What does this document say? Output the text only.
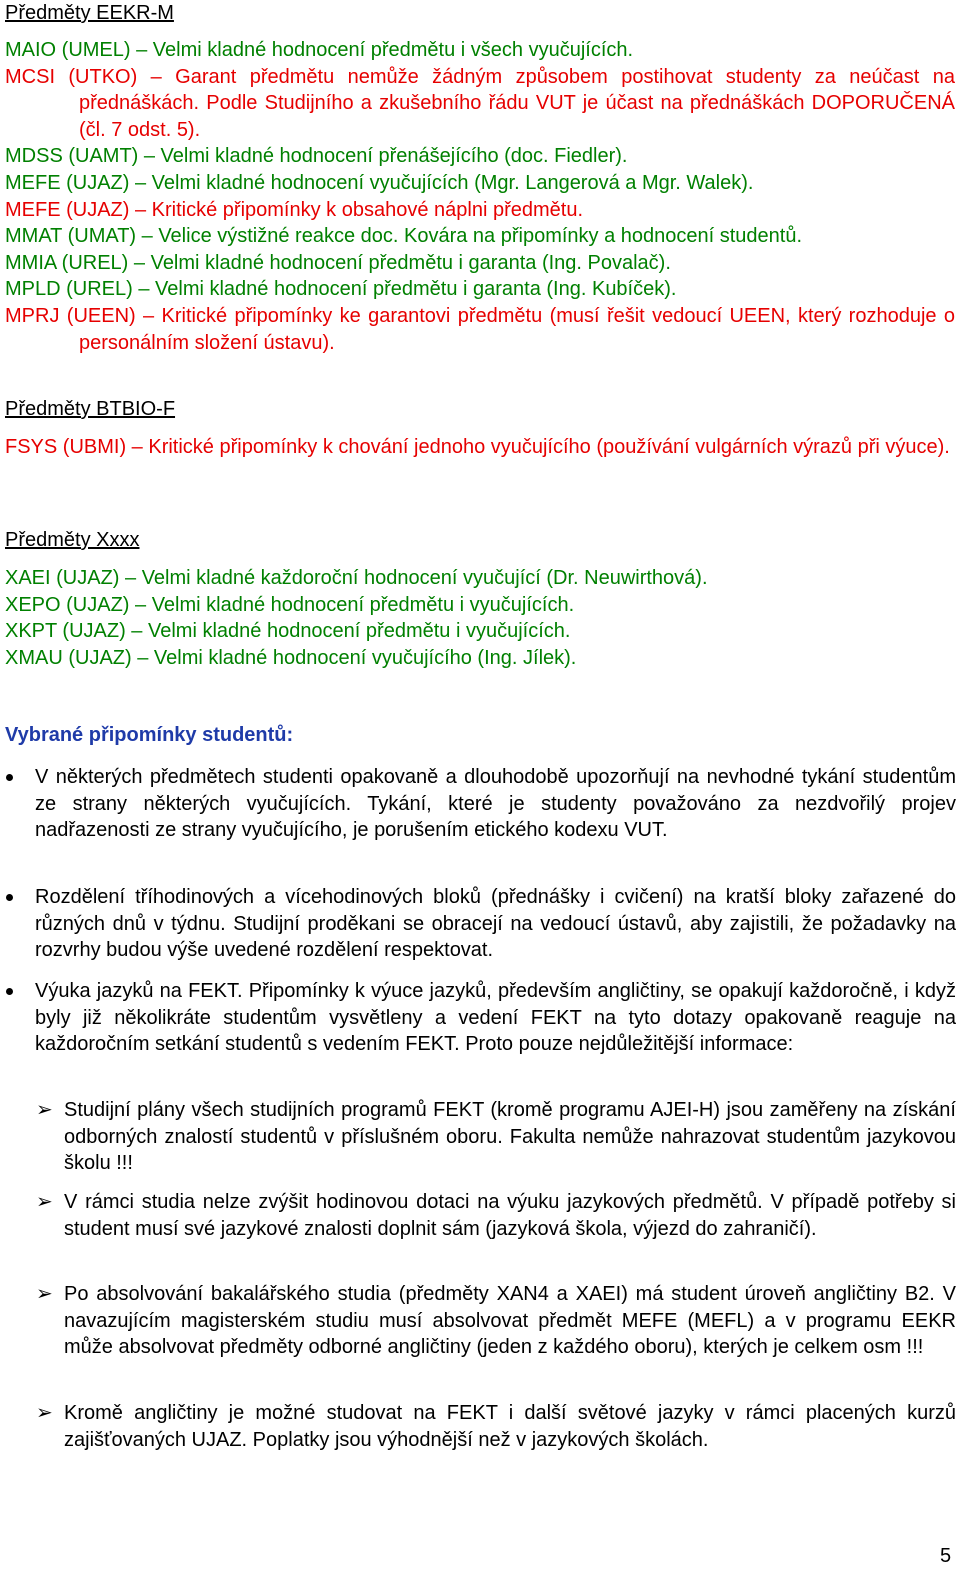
Předměty EEKR-M

MAIO (UMEL) – Velmi kladné hodnocení předmětu i všech vyučujících.

MCSI (UTKO) – Garant předmětu nemůže žádným způsobem postihovat studenty za neúčast na přednáškách. Podle Studijního a zkušebního řádu VUT je účast na přednáškách DOPORUČENÁ (čl. 7 odst. 5).

MDSS (UAMT) – Velmi kladné hodnocení přenášejícího (doc. Fiedler).

MEFE (UJAZ) – Velmi kladné hodnocení vyučujících (Mgr. Langerová a Mgr. Walek).

MEFE (UJAZ) – Kritické připomínky k obsahové náplni předmětu.

MMAT (UMAT) – Velice výstižné reakce doc. Kovára na připomínky a hodnocení studentů.

MMIA (UREL) – Velmi kladné hodnocení předmětu i garanta (Ing. Povalač).

MPLD (UREL) – Velmi kladné hodnocení předmětu i garanta (Ing. Kubíček).

MPRJ (UEEN) – Kritické připomínky ke garantovi předmětu (musí řešit vedoucí UEEN, který rozhoduje o personálním složení ústavu).

Předměty BTBIO-F

FSYS (UBMI) – Kritické připomínky k chování jednoho vyučujícího (používání vulgárních výrazů při výuce).

Předměty Xxxx

XAEI (UJAZ) – Velmi kladné každoroční hodnocení vyučující (Dr. Neuwirthová).

XEPO (UJAZ) – Velmi kladné hodnocení předmětu i vyučujících.

XKPT (UJAZ) – Velmi kladné hodnocení předmětu i vyučujících.

XMAU (UJAZ) – Velmi kladné hodnocení vyučujícího (Ing. Jílek).

Vybrané připomínky studentů:
V některých předmětech studenti opakovaně a dlouhodobě upozorňují na nevhodné tykání studentům ze strany některých vyučujících. Tykání, které je studenty považováno za nezdvořilý projev nadřazenosti ze strany vyučujícího, je porušením etického kodexu VUT.
Rozdělení tříhodinových a vícehodinových bloků (přednášky i cvičení) na kratší bloky zařazené do různých dnů v týdnu. Studijní proděkani se obracejí na vedoucí ústavů, aby zajistili, že požadavky na rozvrhy budou výše uvedené rozdělení respektovat.
Výuka jazyků na FEKT. Připomínky k výuce jazyků, především angličtiny, se opakují každoročně, i když byly již několikráte studentům vysvětleny a vedení FEKT na tyto dotazy opakovaně reaguje na každoročním setkání studentů s vedením FEKT. Proto pouze nejdůležitější informace:
➢ Studijní plány všech studijních programů FEKT (kromě programu AJEI-H) jsou zaměřeny na získání odborných znalostí studentů v příslušném oboru. Fakulta nemůže nahrazovat studentům jazykovou školu !!!
➢ V rámci studia nelze zvýšit hodinovou dotaci na výuku jazykových předmětů. V případě potřeby si student musí své jazykové znalosti doplnit sám (jazyková škola, výjezd do zahraničí).
➢ Po absolvování bakalářského studia (předměty XAN4 a XAEI) má student úroveň angličtiny B2. V navazujícím magisterském studiu musí absolvovat předmět MEFE (MEFL) a v programu EEKR může absolvovat předměty odborné angličtiny (jeden z každého oboru), kterých je celkem osm !!!
➢ Kromě angličtiny je možné studovat na FEKT i další světové jazyky v rámci placených kurzů zajišťovaných UJAZ. Poplatky jsou výhodnější než v jazykových školách.
5
